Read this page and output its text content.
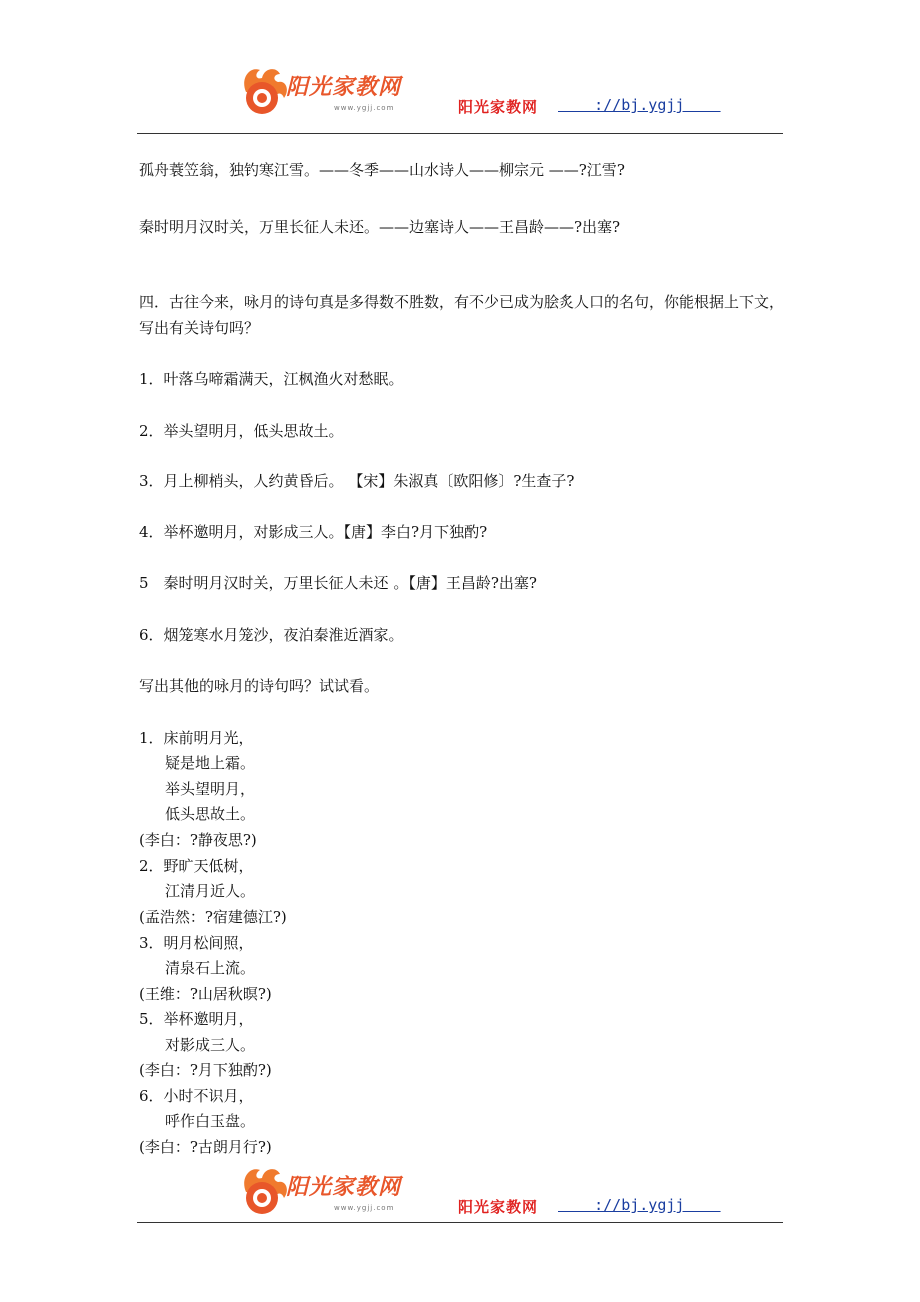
阳光家教网
www.ygjj.com	阳光家教网 ://bj.ygjj
孤舟蓑笠翁，独钓寒江雪。——冬季——山水诗人——柳宗元 ——?江雪?
秦时明月汉时关，万里长征人未还。——边塞诗人——王昌龄——?出塞?
四．古往今来，咏月的诗句真是多得数不胜数，有不少已成为脍炙人口的名句，你能根据上下文，写出有关诗句吗？
1．叶落乌啼霜满天，江枫渔火对愁眠。
2．举头望明月，低头思故土。
3．月上柳梢头，人约黄昏后。 【宋】朱淑真〔欧阳修〕?生查子?
4．举杯邀明月，对影成三人。【唐】李白?月下独酌?
5　秦时明月汉时关，万里长征人未还 。【唐】王昌龄?出塞?
6．烟笼寒水月笼沙，夜泊秦淮近酒家。
写出其他的咏月的诗句吗？试试看。
1．床前明月光，
疑是地上霜。
举头望明月，
低头思故土。
(李白：?静夜思?)
2．野旷天低树，
江清月近人。
(孟浩然：?宿建德江?)
3．明月松间照，
清泉石上流。
(王维：?山居秋暝?)
5．举杯邀明月，
对影成三人。
(李白：?月下独酌?)
6．小时不识月，
呼作白玉盘。
(李白：?古朗月行?)
阳光家教网
www.ygjj.com	阳光家教网 ://bj.ygjj
